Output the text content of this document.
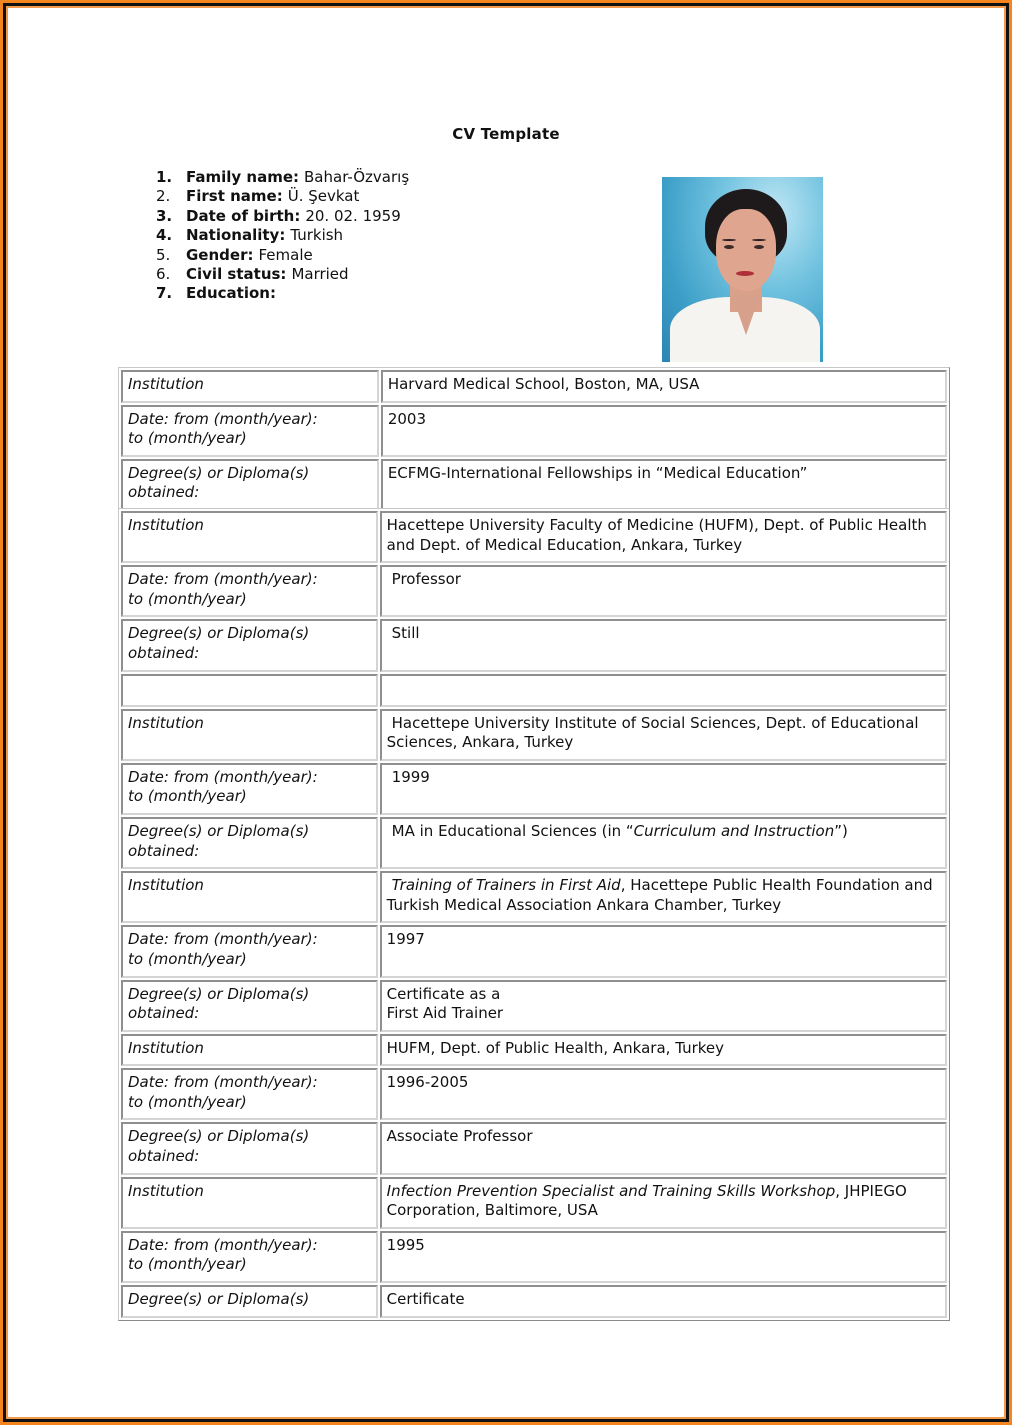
CV Template
1. Family name: Bahar-Özvarış
2.	First name: Ü. Şevkat
3. Date of birth: 20. 02. 1959
4. Nationality: Turkish
5.	Gender: Female
6.	Civil status: Married
7. Education:
Institution	Harvard Medical School, Boston, MA, USA
Date: from (month/year):
to (month/year)	2003
Degree(s) or Diploma(s)
obtained:	ECFMG-International Fellowships in “Medical Education”
Institution	Hacettepe University Faculty of Medicine (HUFM), Dept. of Public Health and Dept. of Medical Education, Ankara, Turkey
Date: from (month/year):
to (month/year)	Professor
Degree(s) or Diploma(s)
obtained:	Still

Institution	Hacettepe University Institute of Social Sciences, Dept. of Educational Sciences, Ankara, Turkey
Date: from (month/year):
to (month/year)	1999
Degree(s) or Diploma(s)
obtained:	MA in Educational Sciences (in “Curriculum and Instruction”)
Institution	Training of Trainers in First Aid, Hacettepe Public Health Foundation and Turkish Medical Association Ankara Chamber, Turkey
Date: from (month/year):
to (month/year)	1997
Degree(s) or Diploma(s)
obtained:	Certificate as a
First Aid Trainer
Institution	HUFM, Dept. of Public Health, Ankara, Turkey
Date: from (month/year):
to (month/year)	1996-2005
Degree(s) or Diploma(s)
obtained:	Associate Professor
Institution	Infection Prevention Specialist and Training Skills Workshop, JHPIEGO Corporation, Baltimore, USA
Date: from (month/year):
to (month/year)	1995
Degree(s) or Diploma(s)	Certificate
